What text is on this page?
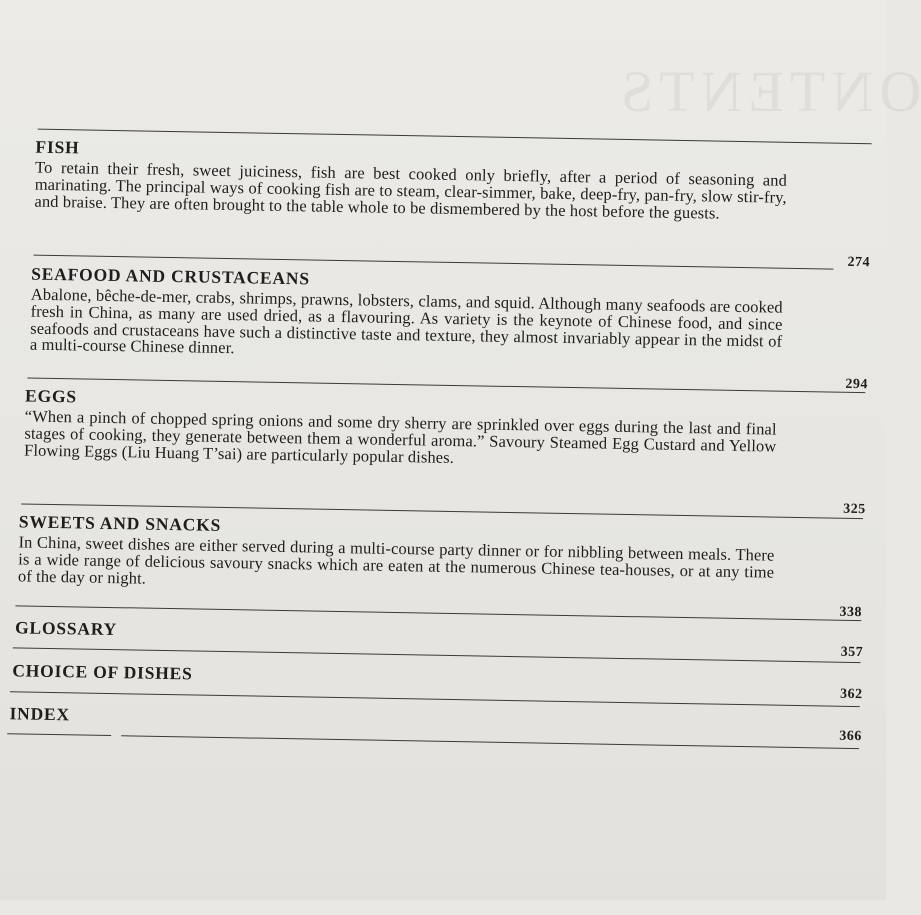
ONTENTS
FISH

To retain their fresh, sweet juiciness, fish are best cooked only briefly, after a period of seasoning and marinating. The principal ways of cooking fish are to steam, clear-simmer, bake, deep-fry, pan-fry, slow stir-fry, and braise. They are often brought to the table whole to be dismembered by the host before the guests.

274
SEAFOOD AND CRUSTACEANS

Abalone, bêche-de-mer, crabs, shrimps, prawns, lobsters, clams, and squid. Although many seafoods are cooked fresh in China, as many are used dried, as a flavouring. As variety is the keynote of Chinese food, and since seafoods and crustaceans have such a distinctive taste and texture, they almost invariably appear in the midst of a multi-course Chinese dinner.

294
EGGS

“When a pinch of chopped spring onions and some dry sherry are sprinkled over eggs during the last and final stages of cooking, they generate between them a wonderful aroma.” Savoury Steamed Egg Custard and Yellow Flowing Eggs (Liu Huang T’sai) are particularly popular dishes.

325
SWEETS AND SNACKS

In China, sweet dishes are either served during a multi-course party dinner or for nibbling between meals. There is a wide range of delicious savoury snacks which are eaten at the numerous Chinese tea-houses, or at any time of the day or night.

338
GLOSSARY
357
CHOICE OF DISHES
362
INDEX
366
